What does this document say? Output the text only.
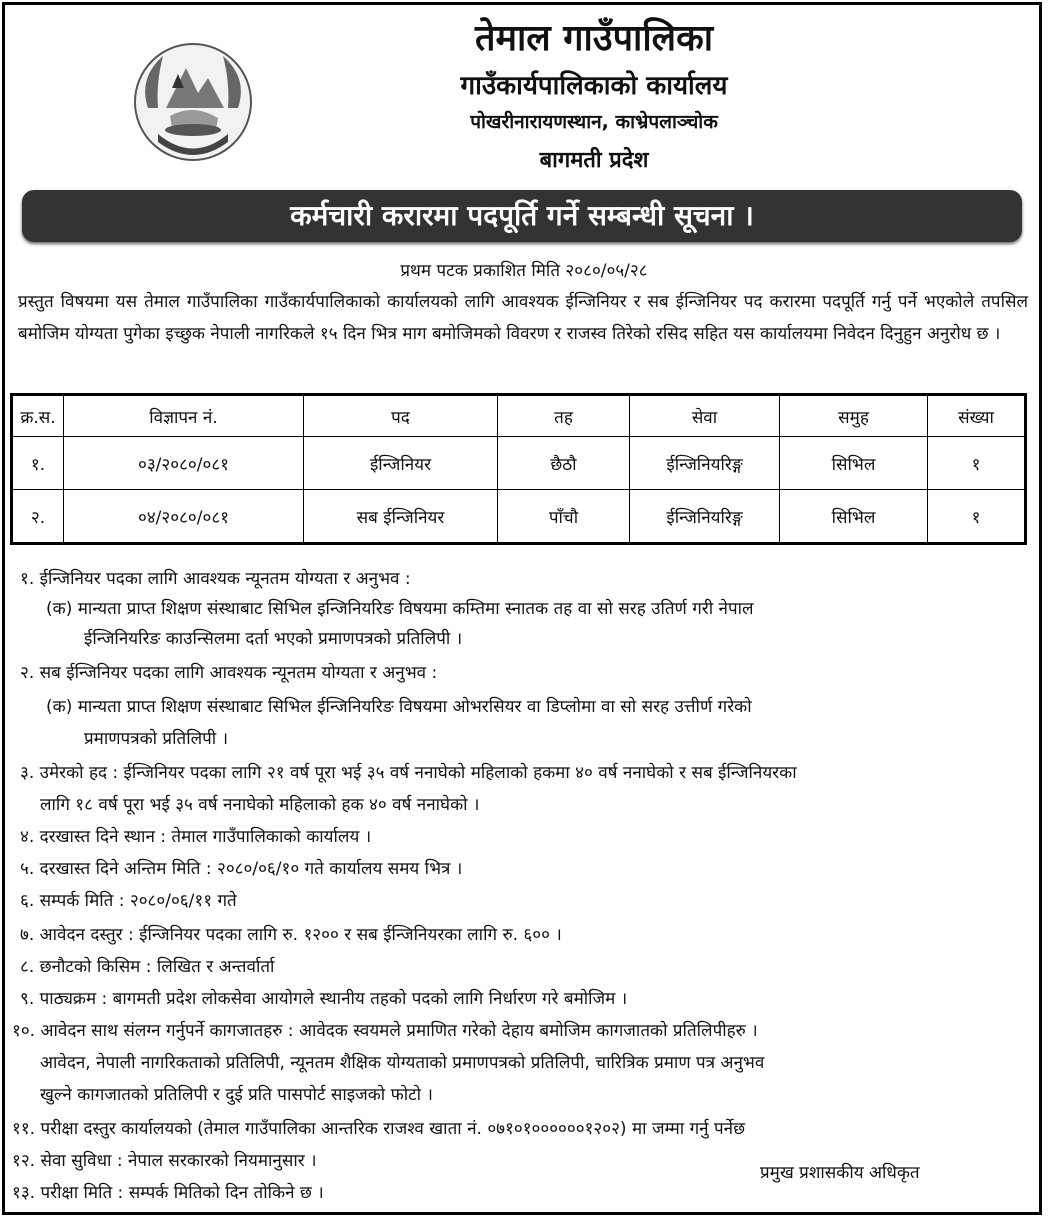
तेमाल गाउँपालिका
गाउँकार्यपालिकाको कार्यालय
पोखरीनारायणस्थान, काभ्रेपलाञ्चोक
बागमती प्रदेश
कर्मचारी करारमा पदपूर्ति गर्ने सम्बन्धी सूचना ।
प्रथम पटक प्रकाशित मिति २०८०/०५/२८
प्रस्तुत विषयमा यस तेमाल गाउँपालिका गाउँकार्यपालिकाको कार्यालयको लागि आवश्यक ईन्जिनियर र सब ईन्जिनियर पद करारमा पदपूर्ति गर्नु पर्ने भएकोले तपसिल बमोजिम योग्यता पुगेका इच्छुक नेपाली नागरिकले १५ दिन भित्र माग बमोजिमको विवरण र राजस्व तिरेको रसिद सहित यस कार्यालयमा निवेदन दिनुहुन अनुरोध छ ।
क्र.स.	विज्ञापन नं.	पद	तह	सेवा	समुह	संख्या
१.	०३/२०८०/०८१	ईन्जिनियर	छैठौ	ईन्जिनियरिङ्ग	सिभिल	१
२.	०४/२०८०/०८१	सब ईन्जिनियर	पाँचौ	ईन्जिनियरिङ्ग	सिभिल	१
१. ईन्जिनियर पदका लागि आवश्यक न्यूनतम योग्यता र अनुभव :
(क) मान्यता प्राप्त शिक्षण संस्थाबाट सिभिल इन्जिनियरिङ विषयमा कम्तिमा स्नातक तह वा सो सरह उतिर्ण गरी नेपाल
ईन्जिनियरिङ काउन्सिलमा दर्ता भएको प्रमाणपत्रको प्रतिलिपी ।
२. सब ईन्जिनियर पदका लागि आवश्यक न्यूनतम योग्यता र अनुभव :
(क) मान्यता प्राप्त शिक्षण संस्थाबाट सिभिल ईन्जिनियरिङ विषयमा ओभरसियर वा डिप्लोमा वा सो सरह उत्तीर्ण गरेको
प्रमाणपत्रको प्रतिलिपी ।
३. उमेरको हद : ईन्जिनियर पदका लागि २१ वर्ष पूरा भई ३५ वर्ष ननाघेको महिलाको हकमा ४० वर्ष ननाघेको र सब ईन्जिनियरका
लागि १८ वर्ष पूरा भई ३५ वर्ष ननाघेको महिलाको हक ४० वर्ष ननाघेको ।
४. दरखास्त दिने स्थान : तेमाल गाउँपालिकाको कार्यालय ।
५. दरखास्त दिने अन्तिम मिति : २०८०/०६/१० गते कार्यालय समय भित्र ।
६. सम्पर्क मिति : २०८०/०६/११ गते
७. आवेदन दस्तुर : ईन्जिनियर पदका लागि रु. १२०० र सब ईन्जिनियरका लागि रु. ६०० ।
८. छनौटको किसिम : लिखित र अन्तर्वार्ता
९. पाठ्यक्रम : बागमती प्रदेश लोकसेवा आयोगले स्थानीय तहको पदको लागि निर्धारण गरे बमोजिम ।
१०. आवेदन साथ संलग्न गर्नुपर्ने कागजातहरु : आवेदक स्वयमले प्रमाणित गरेको देहाय बमोजिम कागजातको प्रतिलिपीहरु ।
आवेदन, नेपाली नागरिकताको प्रतिलिपी, न्यूनतम शैक्षिक योग्यताको प्रमाणपत्रको प्रतिलिपी, चारित्रिक प्रमाण पत्र अनुभव
खुल्ने कागजातको प्रतिलिपी र दुई प्रति पासपोर्ट साइजको फोटो ।
११. परीक्षा दस्तुर कार्यालयको (तेमाल गाउँपालिका आन्तरिक राजश्व खाता नं. ०७१०१००००००१२०२) मा जम्मा गर्नु पर्नेछ
१२. सेवा सुविधा : नेपाल सरकारको नियमानुसार ।
१३. परीक्षा मिति : सम्पर्क मितिको दिन तोकिने छ ।
प्रमुख प्रशासकीय अधिकृत
